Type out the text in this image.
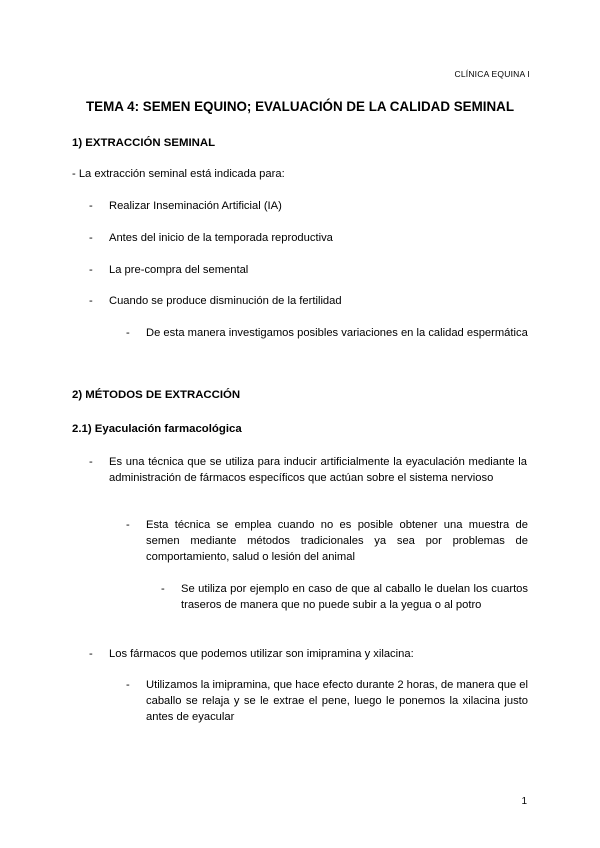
CLÍNICA EQUINA I
TEMA 4: SEMEN EQUINO; EVALUACIÓN DE LA CALIDAD SEMINAL
1) EXTRACCIÓN SEMINAL
- La extracción seminal está indicada para:
- Realizar Inseminación Artificial (IA)
- Antes del inicio de la temporada reproductiva
- La pre-compra del semental
- Cuando se produce disminución de la fertilidad
- De esta manera investigamos posibles variaciones en la calidad espermática
2) MÉTODOS DE EXTRACCIÓN
2.1) Eyaculación farmacológica
- Es una técnica que se utiliza para inducir artificialmente la eyaculación mediante la administración de fármacos específicos que actúan sobre el sistema nervioso
- Esta técnica se emplea cuando no es posible obtener una muestra de semen mediante métodos tradicionales ya sea por problemas de comportamiento, salud o lesión del animal
- Se utiliza por ejemplo en caso de que al caballo le duelan los cuartos traseros de manera que no puede subir a la yegua o al potro
- Los fármacos que podemos utilizar son imipramina y xilacina:
- Utilizamos la imipramina, que hace efecto durante 2 horas, de manera que el caballo se relaja y se le extrae el pene, luego le ponemos la xilacina justo antes de eyacular
1
